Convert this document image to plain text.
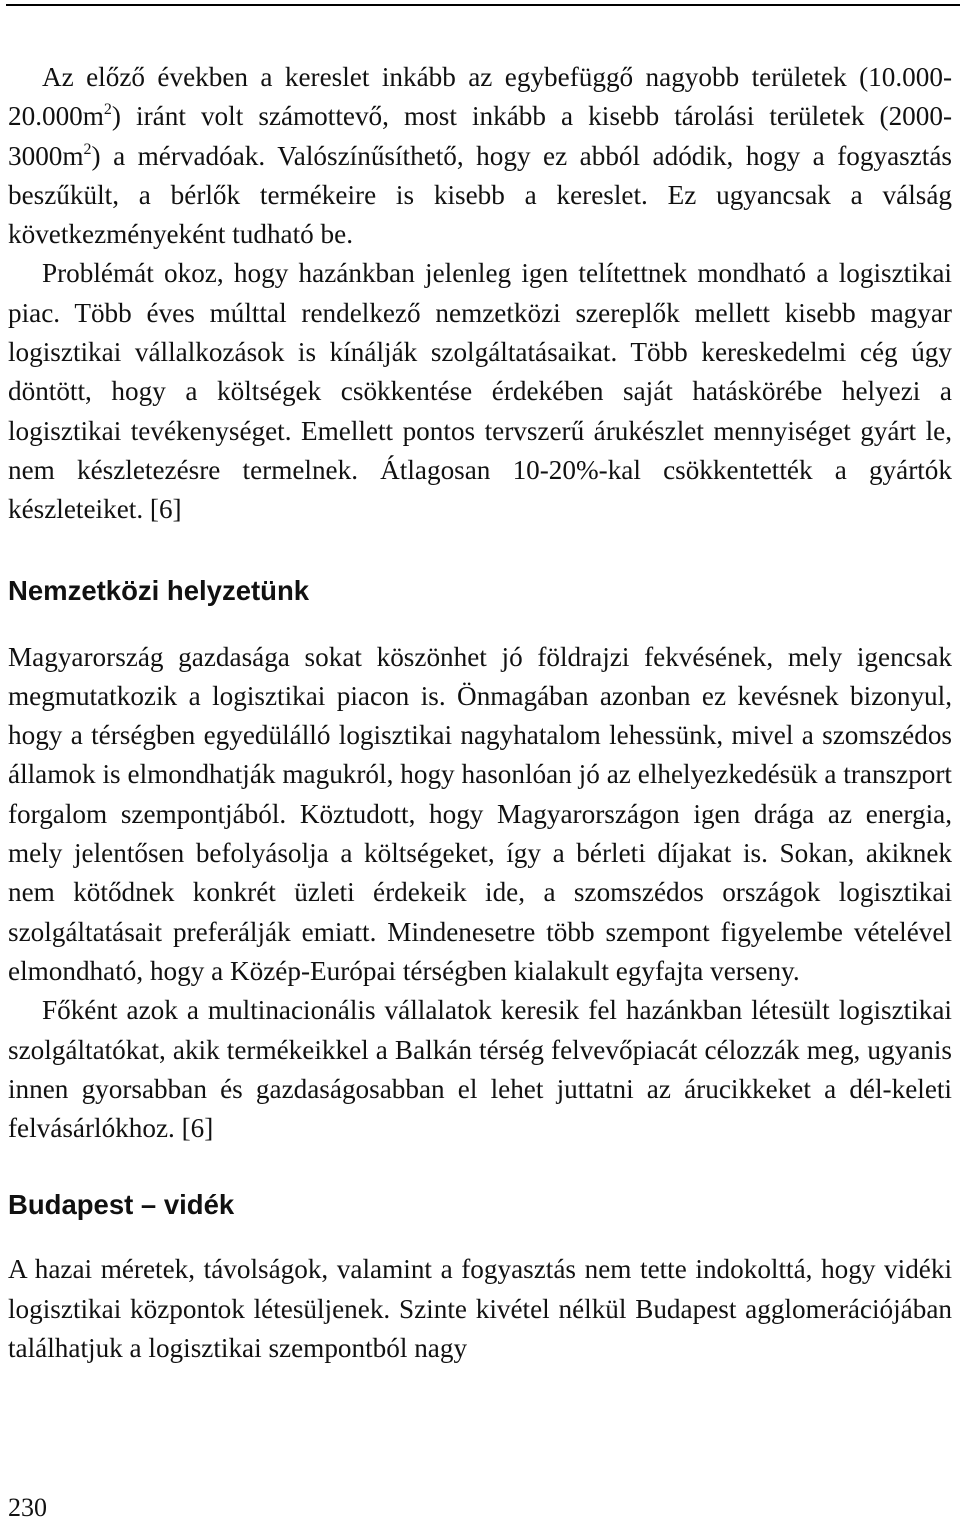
Az előző években a kereslet inkább az egybefüggő nagyobb területek $(10.000-20.000m^2)$ iránt volt számottevő, most inkább a kisebb tárolási területek $(2000-3000m^2)$ a mérvadóak. Valószínűsíthető, hogy ez abból adódik, hogy a fogyasztás beszűkült, a bérlők termékeire is kisebb a kereslet. Ez ugyancsak a válság következményeként tudható be.

Problémát okoz, hogy hazánkban jelenleg igen telítettnek mondható a logisztikai piac. Több éves múlttal rendelkező nemzetközi szereplők mellett kisebb magyar logisztikai vállalkozások is kínálják szolgáltatásaikat. Több kereskedelmi cég úgy döntött, hogy a költségek csökkentése érdekében saját hatáskörébe helyezi a logisztikai tevékenységet. Emellett pontos tervszerű árukészlet mennyiséget gyárt le, nem készletezésre termelnek. Átlagosan 10-20%-kal csökkentették a gyártók készleteiket. [6]

Nemzetközi helyzetünk

Magyarország gazdasága sokat köszönhet jó földrajzi fekvésének, mely igencsak megmutatkozik a logisztikai piacon is. Önmagában azonban ez kevésnek bizonyul, hogy a térségben egyedülálló logisztikai nagyhatalom lehessünk, mivel a szomszédos államok is elmondhatják magukról, hogy hasonlóan jó az elhelyezkedésük a transzport forgalom szempontjából. Köztudott, hogy Magyarországon igen drága az energia, mely jelentősen befolyásolja a költségeket, így a bérleti díjakat is. Sokan, akiknek nem kötődnek konkrét üzleti érdekeik ide, a szomszédos országok logisztikai szolgáltatásait preferálják emiatt. Mindenesetre több szempont figyelembe vételével elmondható, hogy a Közép-Európai térségben kialakult egyfajta verseny.

Főként azok a multinacionális vállalatok keresik fel hazánkban létesült logisztikai szolgáltatókat, akik termékeikkel a Balkán térség felvevőpiacát célozzák meg, ugyanis innen gyorsabban és gazdaságosabban el lehet juttatni az árucikkeket a dél-keleti felvásárlókhoz. [6]

Budapest – vidék

A hazai méretek, távolságok, valamint a fogyasztás nem tette indokolttá, hogy vidéki logisztikai központok létesüljenek. Szinte kivétel nélkül Budapest agglomerációjában találhatjuk a logisztikai szempontból nagy

230
